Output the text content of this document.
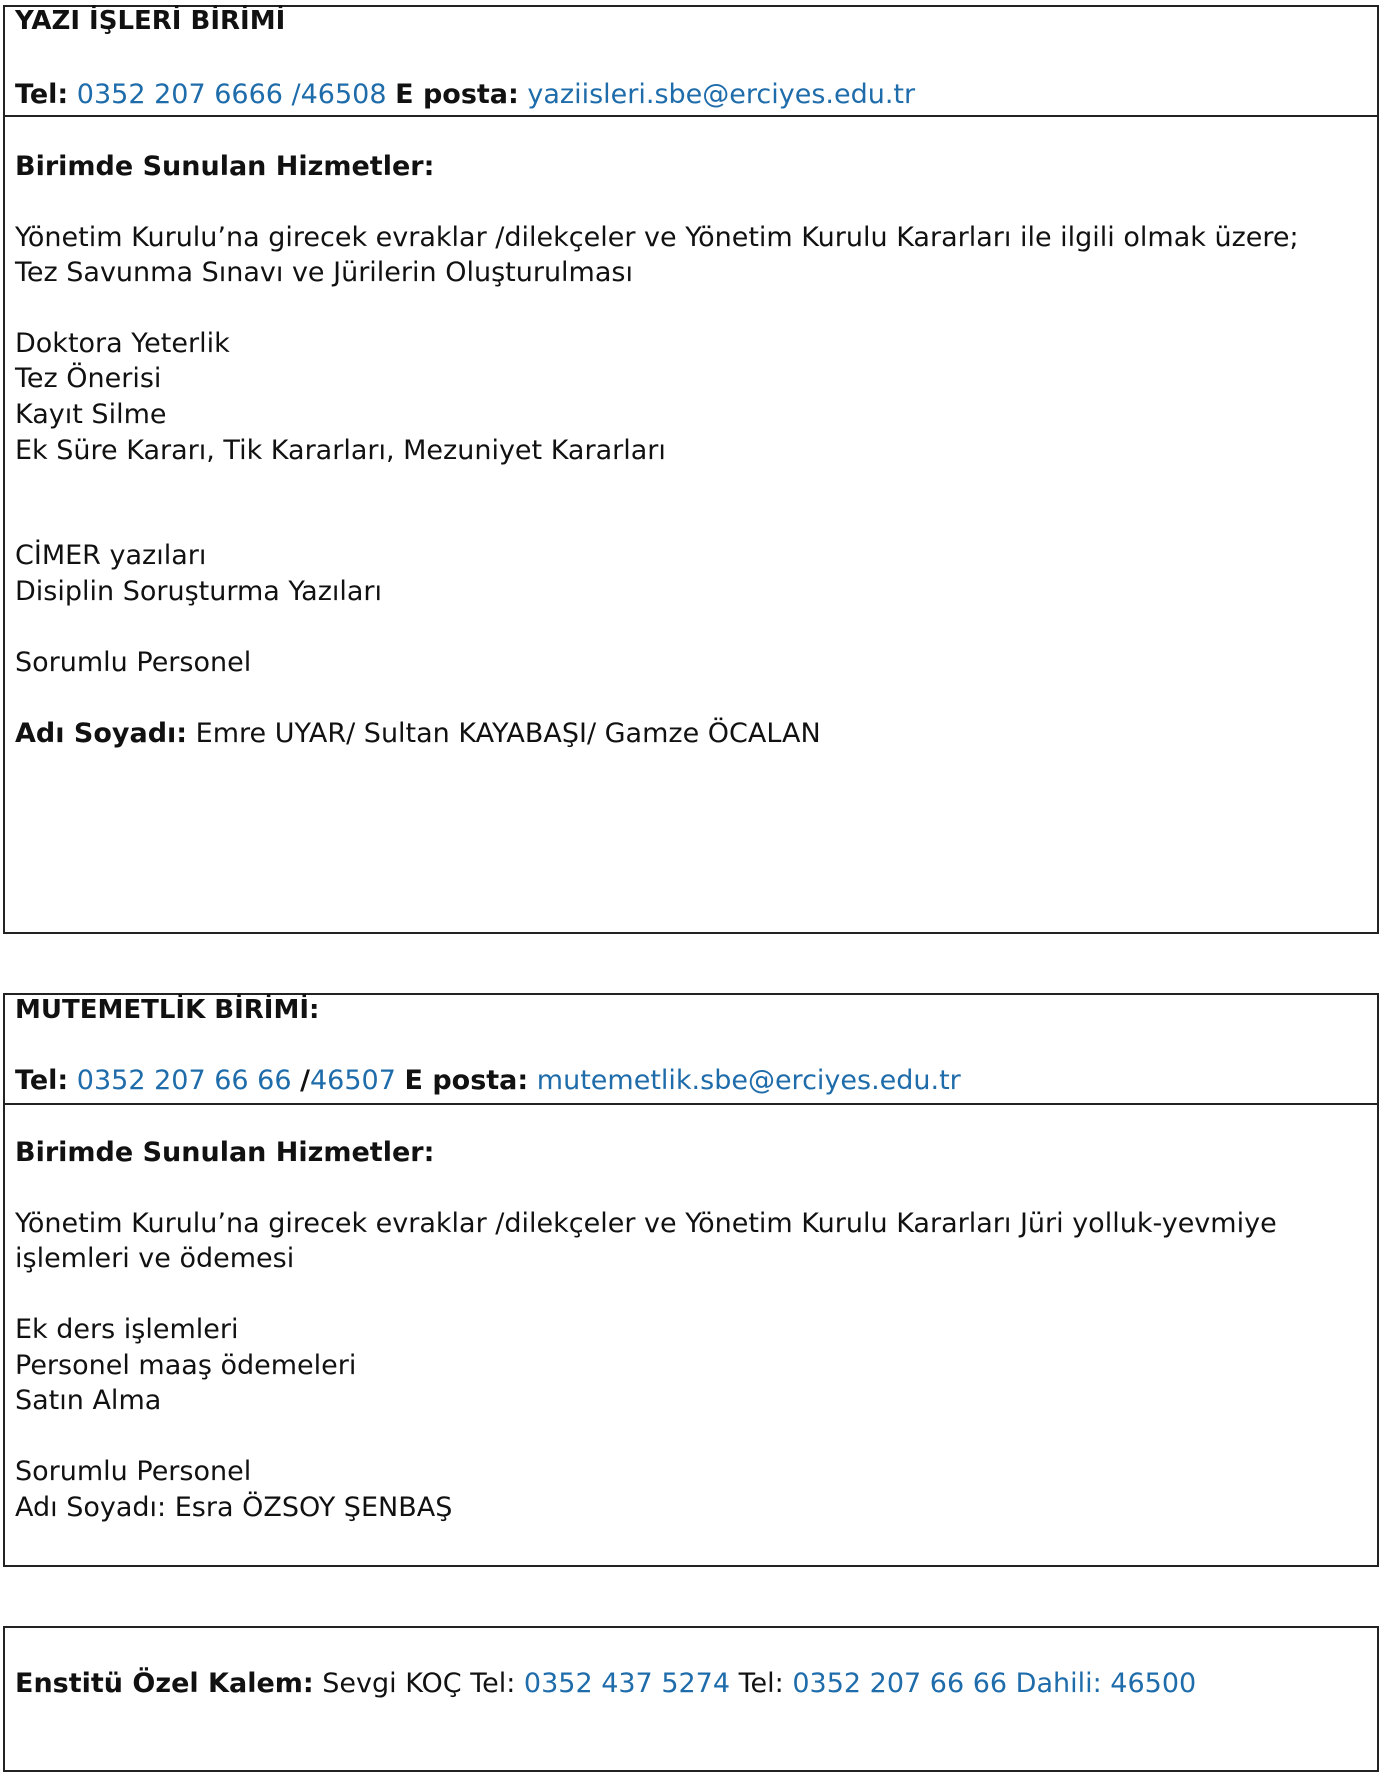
YAZI İŞLERİ BİRİMİ

Tel: 0352 207 6666 /46508 E posta: yaziisleri.sbe@erciyes.edu.tr

Birimde Sunulan Hizmetler:

Yönetim Kurulu’na girecek evraklar /dilekçeler ve Yönetim Kurulu Kararları ile ilgili olmak üzere;

Tez Savunma Sınavı ve Jürilerin Oluşturulması

Doktora Yeterlik

Tez Önerisi

Kayıt Silme

Ek Süre Kararı, Tik Kararları, Mezuniyet Kararları

CİMER yazıları

Disiplin Soruşturma Yazıları

Sorumlu Personel

Adı Soyadı: Emre UYAR/ Sultan KAYABAŞI/ Gamze ÖCALAN

MUTEMETLİK BİRİMİ:

Tel: 0352 207 66 66 /46507 E posta: mutemetlik.sbe@erciyes.edu.tr

Birimde Sunulan Hizmetler:

Yönetim Kurulu’na girecek evraklar /dilekçeler ve Yönetim Kurulu Kararları Jüri yolluk-yevmiye

işlemleri ve ödemesi

Ek ders işlemleri

Personel maaş ödemeleri

Satın Alma

Sorumlu Personel

Adı Soyadı: Esra ÖZSOY ŞENBAŞ

Enstitü Özel Kalem: Sevgi KOÇ Tel: 0352 437 5274 Tel: 0352 207 66 66 Dahili: 46500
